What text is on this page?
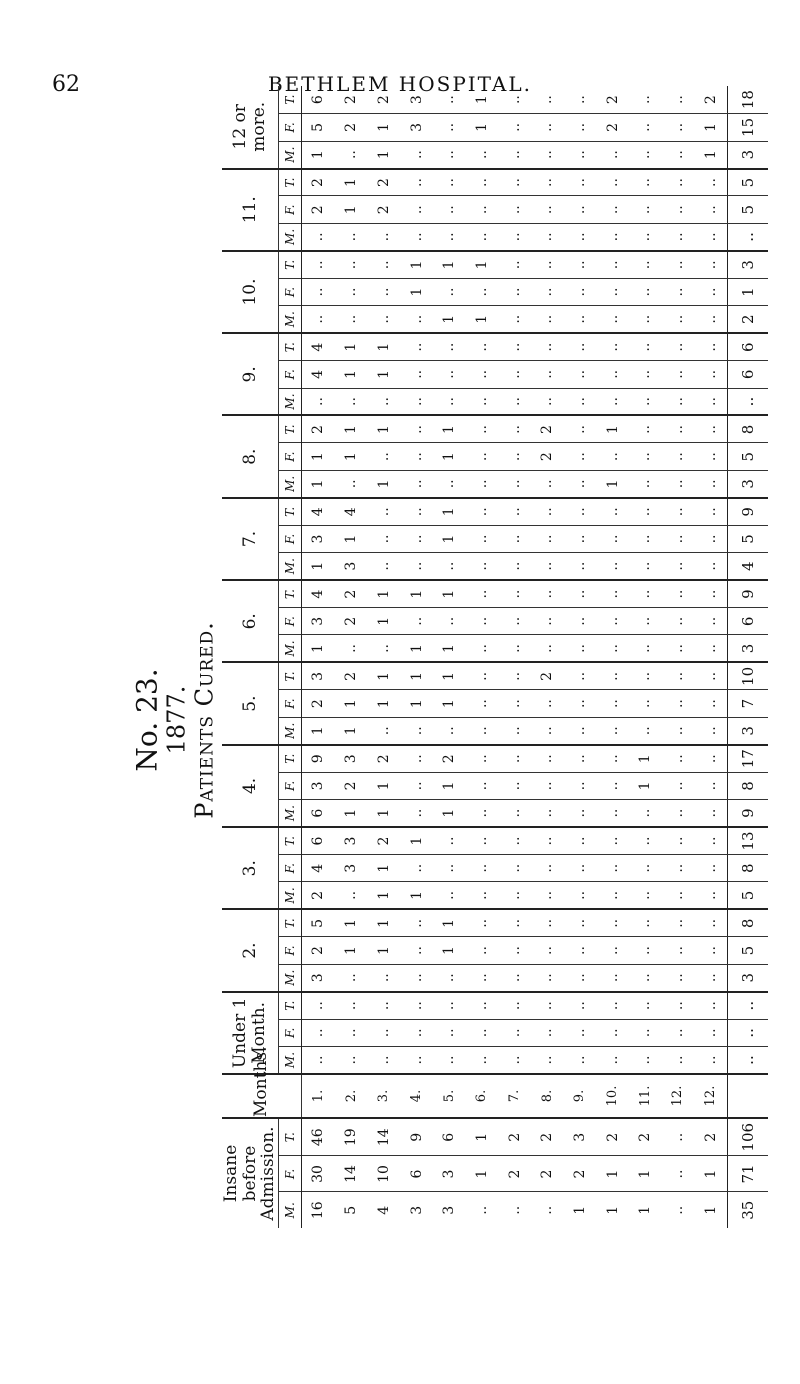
62	BETHLEM HOSPITAL.
No. 23. 1877. Patients Cured.
Insane before Admission.			Months.	Under 1 Month.			2.			3.			4.			5.			6.			7.			8.			9.			10.			11.			12 or more.		
M.	F.	T.		M.	F.	T.	M.	F.	T.	M.	F.	T.	M.	F.	T.	M.	F.	T.	M.	F.	T.	M.	F.	T.	M.	F.	T.	M.	F.	T.	M.	F.	T.	M.	F.	T.	M.	F.	T.
16	30	46	1.	..	..	..	3	2	5	2	4	6	6	3	9	1	2	3	1	3	4	1	3	4	1	1	2	..	4	4	..	..	..	..	2	2	1	5	6
5	14	19	2.	..	..	..	..	1	1	..	3	3	1	2	3	1	1	2	..	2	2	3	1	4	..	1	1	..	1	1	..	..	..	..	1	1	..	2	2
4	10	14	3.	..	..	..	..	1	1	1	1	2	1	1	2	..	1	1	..	1	1	..	..	..	1	..	1	..	1	1	..	..	..	..	2	2	1	1	2
3	6	9	4.	..	..	..	..	..	..	1	..	1	..	..	..	..	1	1	1	..	1	..	..	..	..	..	..	..	..	..	..	1	1	..	..	..	..	3	3
3	3	6	5.	..	..	..	..	1	1	..	..	..	1	1	2	..	1	1	1	..	1	..	1	1	..	1	1	..	..	..	1	..	1	..	..	..	..	..	..
..	1	1	6.	..	..	..	..	..	..	..	..	..	..	..	..	..	..	..	..	..	..	..	..	..	..	..	..	..	..	..	1	..	1	..	..	..	..	1	1
..	2	2	7.	..	..	..	..	..	..	..	..	..	..	..	..	..	..	..	..	..	..	..	..	..	..	..	..	..	..	..	..	..	..	..	..	..	..	..	..
..	2	2	8.	..	..	..	..	..	..	..	..	..	..	..	..	..	..	2	..	..	..	..	..	..	..	2	2	..	..	..	..	..	..	..	..	..	..	..	..
1	2	3	9.	..	..	..	..	..	..	..	..	..	..	..	..	..	..	..	..	..	..	..	..	..	..	..	..	..	..	..	..	..	..	..	..	..	..	..	..
1	1	2	10.	..	..	..	..	..	..	..	..	..	..	..	..	..	..	..	..	..	..	..	..	..	1	..	1	..	..	..	..	..	..	..	..	..	..	2	2
1	1	2	11.	..	..	..	..	..	..	..	..	..	..	1	1	..	..	..	..	..	..	..	..	..	..	..	..	..	..	..	..	..	..	..	..	..	..	..	..
..	..	..	12.	..	..	..	..	..	..	..	..	..	..	..	..	..	..	..	..	..	..	..	..	..	..	..	..	..	..	..	..	..	..	..	..	..	..	..	..
1	1	2	12.	..	..	..	..	..	..	..	..	..	..	..	..	..	..	..	..	..	..	..	..	..	..	..	..	..	..	..	..	..	..	..	..	..	1	1	2
35	71	106		..	..	..	3	5	8	5	8	13	9	8	17	3	7	10	3	6	9	4	5	9	3	5	8	..	6	6	2	1	3	..	5	5	3	15	18
